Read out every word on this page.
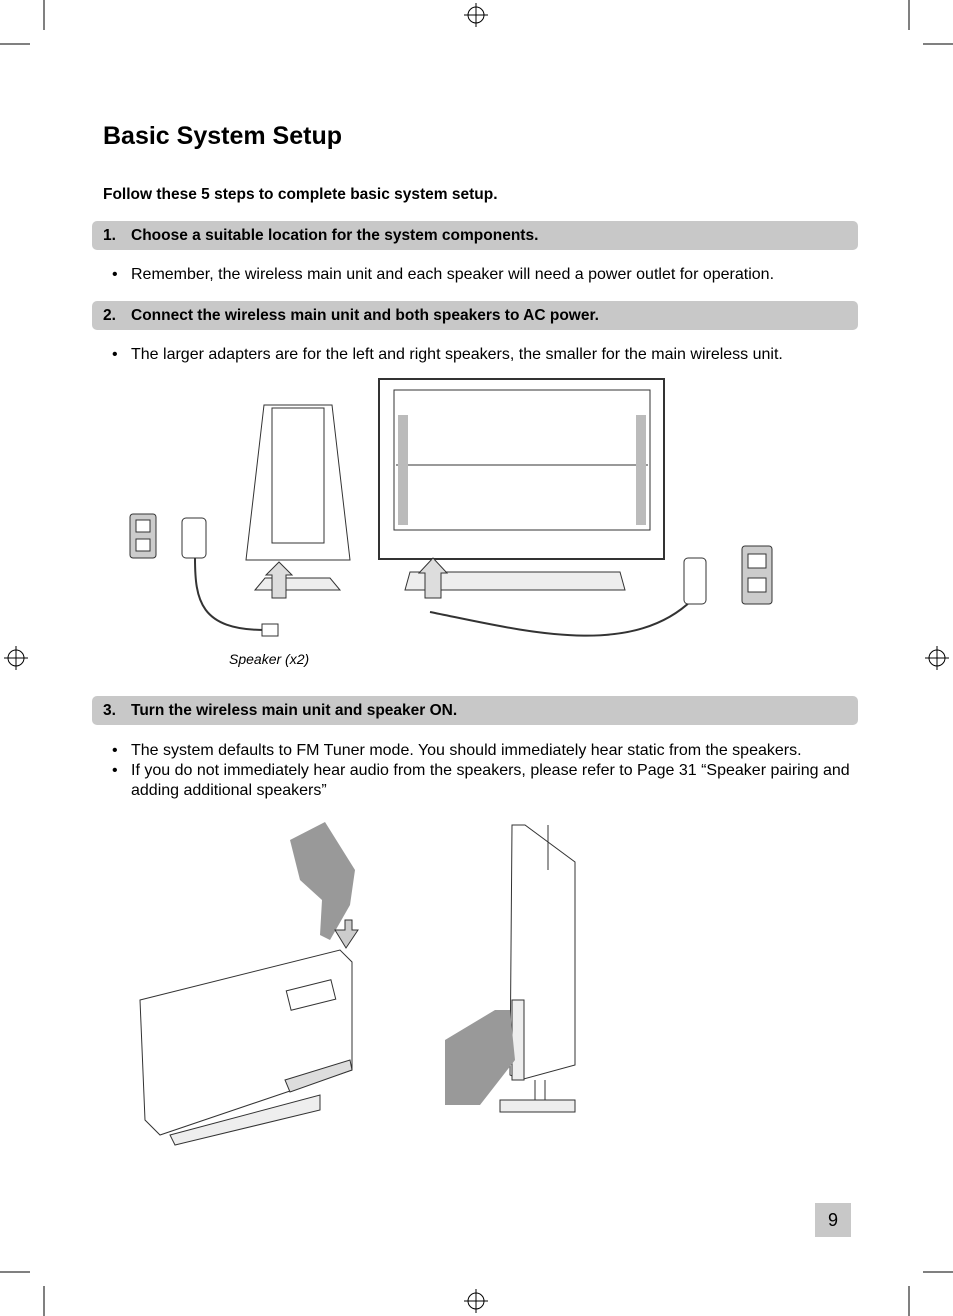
Basic System Setup
Follow these 5 steps to complete basic system setup.
1. Choose a suitable location for the system components.
• Remember, the wireless main unit and each speaker will need a power outlet for operation.
2. Connect the wireless main unit and both speakers to AC power.
• The larger adapters are for the left and right speakers, the smaller for the main wireless unit.
Speaker (x2)
3. Turn the wireless main unit and speaker ON.
• The system defaults to FM Tuner mode. You should immediately hear static from the speakers.
• If you do not immediately hear audio from the speakers, please refer to Page 31 “Speaker pairing and adding additional speakers”
9
